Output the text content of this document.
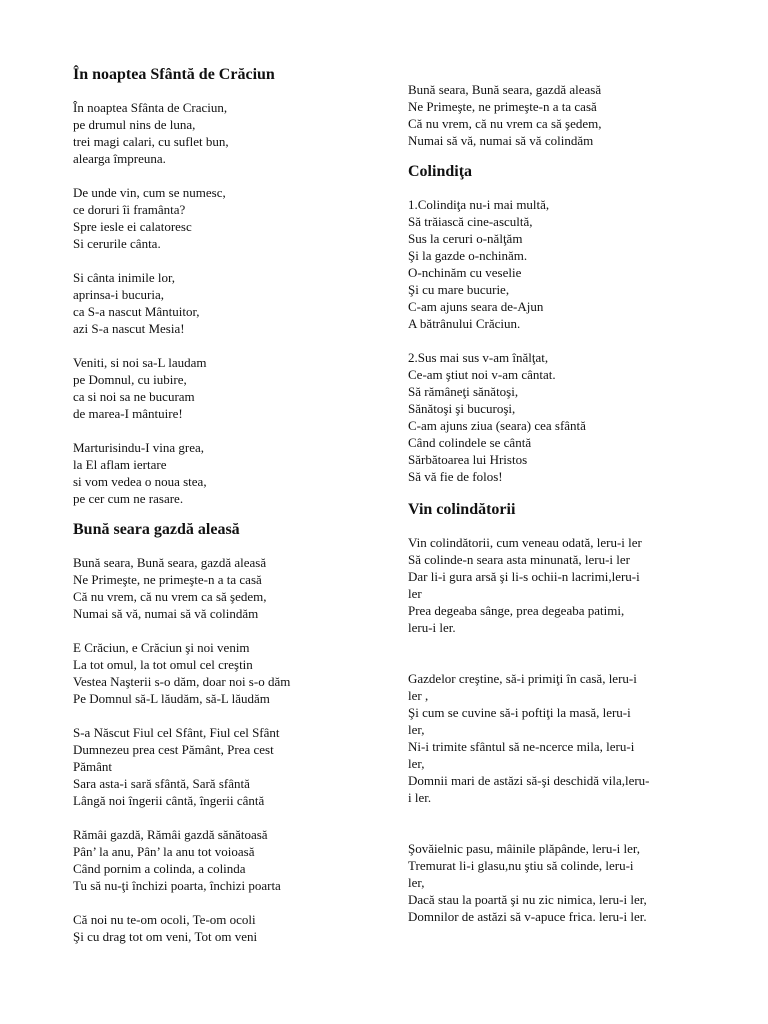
În noaptea Sfântă de Crăciun
În noaptea Sfânta de Craciun,
pe drumul nins de luna,
trei magi calari, cu suflet bun,
alearga împreuna.
De unde vin, cum se numesc,
ce doruri îi framânta?
Spre iesle ei calatoresc
Si cerurile cânta.
Si cânta inimile lor,
aprinsa-i bucuria,
ca S-a nascut Mântuitor,
azi S-a nascut Mesia!
Veniti, si noi sa-L laudam
pe Domnul, cu iubire,
ca si noi sa ne bucuram
de marea-I mântuire!
Marturisindu-I vina grea,
la El aflam iertare
si vom vedea o noua stea,
pe cer cum ne rasare.
Bună seara gazdă aleasă
Bună seara, Bună seara, gazdă aleasă
Ne Primeşte, ne primeşte-n a ta casă
Că nu vrem, că nu vrem ca să şedem,
Numai să vă, numai să vă colindăm
E Crăciun, e Crăciun şi noi venim
La tot omul, la tot omul cel creştin
Vestea Naşterii s-o dăm, doar noi s-o dăm
Pe Domnul să-L lăudăm, să-L lăudăm
S-a Născut Fiul cel Sfânt, Fiul cel Sfânt
Dumnezeu prea cest Pământ, Prea cest
Pământ
Sara asta-i sară sfântă, Sară sfântă
Lângă noi îngerii cântă, îngerii cântă
Rămâi gazdă, Rămâi gazdă sănătoasă
Pân’ la anu, Pân’ la anu tot voioasă
Când pornim a colinda, a colinda
Tu să nu-ţi închizi poarta, închizi poarta
Că noi nu te-om ocoli, Te-om ocoli
Şi cu drag tot om veni, Tot om veni
Bună seara, Bună seara, gazdă aleasă
Ne Primeşte, ne primeşte-n a ta casă
Că nu vrem, că nu vrem ca să şedem,
Numai să vă, numai să vă colindăm
Colindiţa
1.Colindiţa nu-i mai multă,
Să trăiască cine-ascultă,
Sus la ceruri o-nălţăm
Şi la gazde o-nchinăm.
O-nchinăm cu veselie
Şi cu mare bucurie,
C-am ajuns seara de-Ajun
A bătrânului Crăciun.
2.Sus mai sus v-am înălţat,
Ce-am ştiut noi v-am cântat.
Să rămâneţi sănătoşi,
Sănătoşi şi bucuroşi,
C-am ajuns ziua (seara) cea sfântă
Când colindele se cântă
Sărbătoarea lui Hristos
Să vă fie de folos!
Vin colindătorii
Vin colindătorii, cum veneau odată, leru-i ler
Să colinde-n seara asta minunată, leru-i ler
Dar li-i gura arsă şi li-s ochii-n lacrimi,leru-i
ler
Prea degeaba sânge, prea degeaba patimi,
leru-i ler.
Gazdelor creştine, să-i primiţi în casă, leru-i
ler ,
Şi cum se cuvine să-i poftiţi la masă, leru-i
ler,
Ni-i trimite sfântul să ne-ncerce mila, leru-i
ler,
Domnii mari de astăzi să-şi deschidă vila,leru-
i ler.
Şovăielnic pasu, mâinile plăpânde, leru-i ler,
Tremurat li-i glasu,nu ştiu să colinde, leru-i
ler,
Dacă stau la poartă şi nu zic nimica, leru-i ler,
Domnilor de astăzi să v-apuce frica. leru-i ler.
